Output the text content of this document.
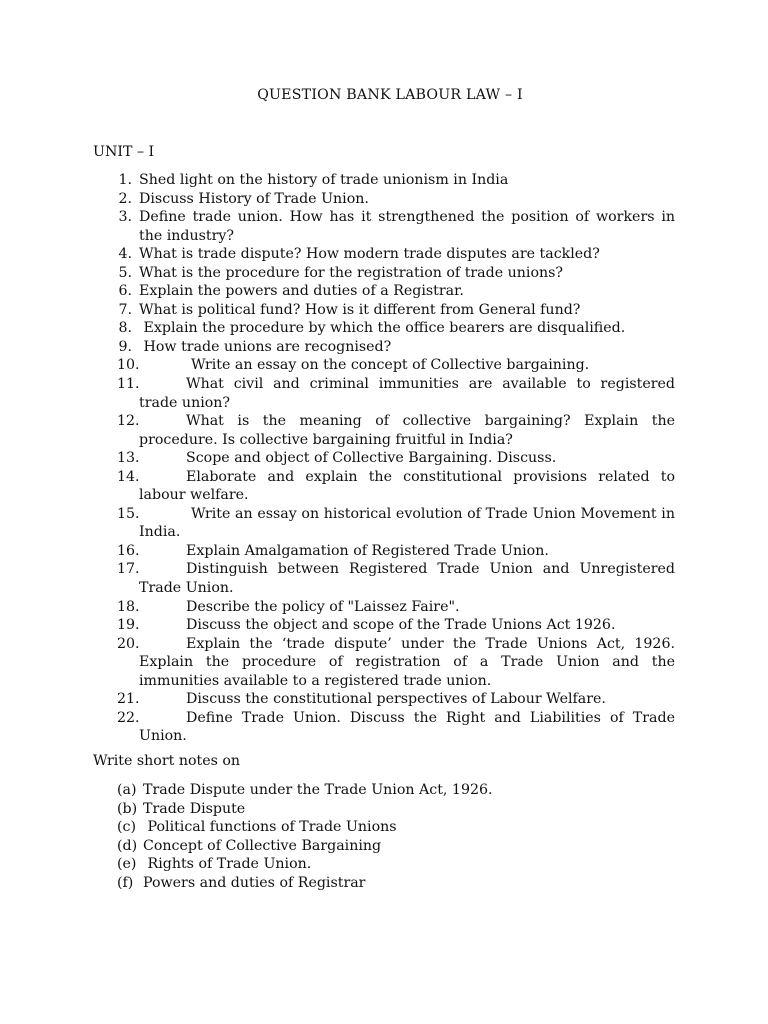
QUESTION BANK LABOUR LAW – I
UNIT – I
1. Shed light on the history of trade unionism in India
2. Discuss History of Trade Union.
3. Define trade union. How has it strengthened the position of workers in the industry?
4. What is trade dispute? How modern trade disputes are tackled?
5. What is the procedure for the registration of trade unions?
6. Explain the powers and duties of a Registrar.
7. What is political fund? How is it different from General fund?
8. Explain the procedure by which the office bearers are disqualified.
9. How trade unions are recognised?
10.	Write an essay on the concept of Collective bargaining.
11.	What civil and criminal immunities are available to registered trade union?
12.	What is the meaning of collective bargaining? Explain the procedure. Is collective bargaining fruitful in India?
13.	Scope and object of Collective Bargaining. Discuss.
14.	Elaborate and explain the constitutional provisions related to labour welfare.
15.	Write an essay on historical evolution of Trade Union Movement in India.
16.	Explain Amalgamation of Registered Trade Union.
17.	Distinguish between Registered Trade Union and Unregistered Trade Union.
18.	Describe the policy of "Laissez Faire".
19.	Discuss the object and scope of the Trade Unions Act 1926.
20.	Explain the ‘trade dispute’ under the Trade Unions Act, 1926. Explain the procedure of registration of a Trade Union and the immunities available to a registered trade union.
21.	Discuss the constitutional perspectives of Labour Welfare.
22.	Define Trade Union. Discuss the Right and Liabilities of Trade Union.
Write short notes on
(a) Trade Dispute under the Trade Union Act, 1926.
(b) Trade Dispute
(c) Political functions of Trade Unions
(d) Concept of Collective Bargaining
(e) Rights of Trade Union.
(f) Powers and duties of Registrar
